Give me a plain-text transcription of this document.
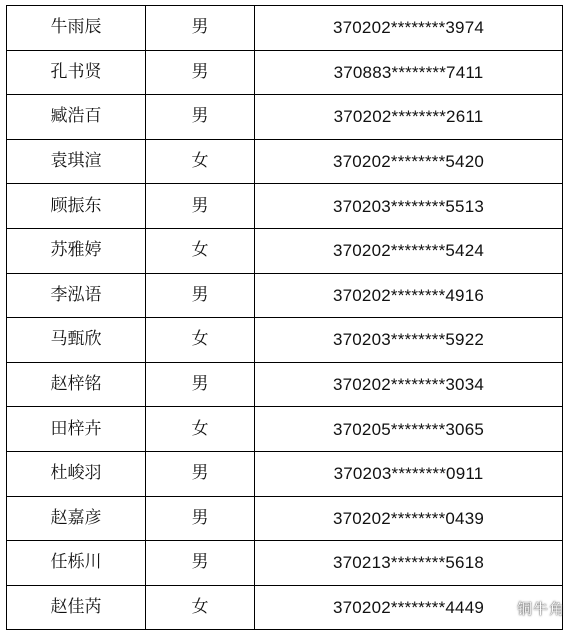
牛雨辰	男	370202********3974
孔书贤	男	370883********7411
臧浩百	男	370202********2611
袁琪渲	女	370202********5420
顾振东	男	370203********5513
苏雅婷	女	370202********5424
李泓语	男	370202********4916
马甄欣	女	370203********5922
赵梓铭	男	370202********3034
田梓卉	女	370205********3065
杜峻羽	男	370203********0911
赵嘉彦	男	370202********0439
任栎川	男	370213********5618
赵佳芮	女	370202********4449 铜牛角
